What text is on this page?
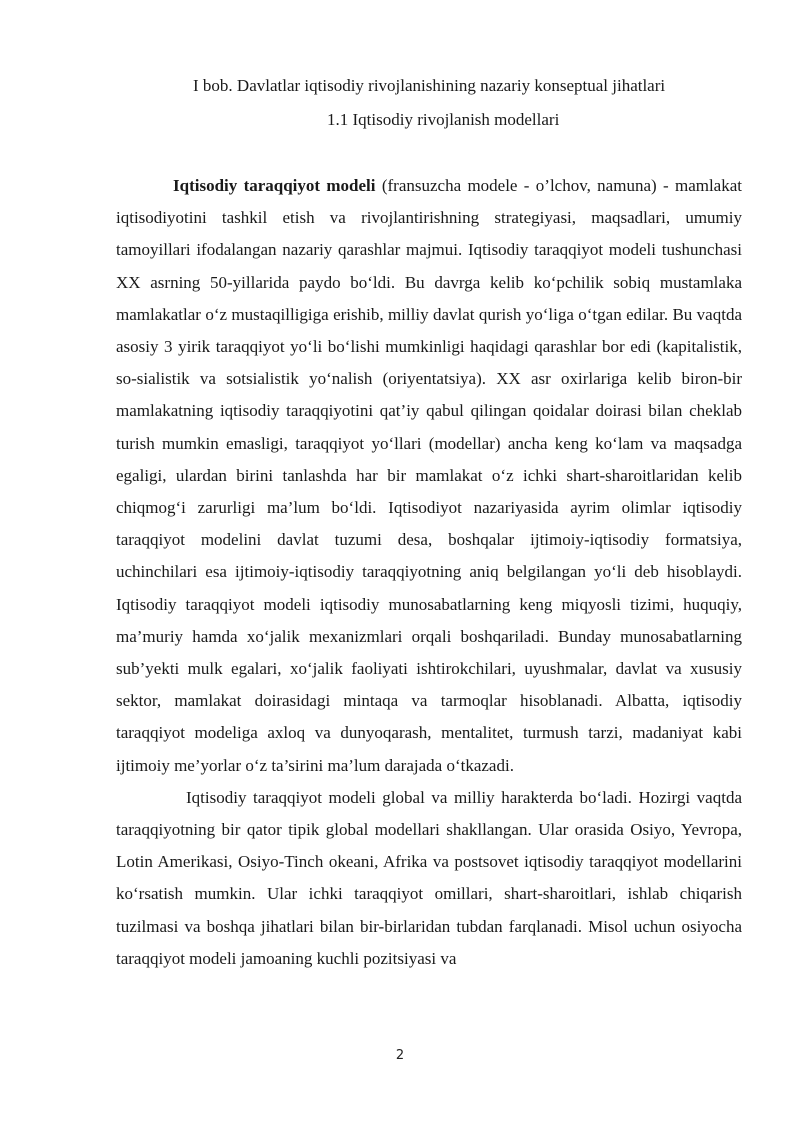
I bob. Davlatlar iqtisodiy rivojlanishining nazariy konseptual jihatlari
1.1 Iqtisodiy rivojlanish modellari

Iqtisodiy taraqqiyot modeli (fransuzcha modele - o’lchov, namuna) - mamlakat iqtisodiyotini tashkil etish va rivojlantirishning strategiyasi, maqsadlari, umumiy tamoyillari ifodalangan nazariy qarashlar majmui. Iqtisodiy taraqqiyot modeli tushunchasi XX asrning 50-yillarida paydo bo‘ldi. Bu davrga kelib ko‘pchilik sobiq mustamlaka mamlakatlar o‘z mustaqilligiga erishib, milliy davlat qurish yo‘liga o‘tgan edilar. Bu vaqtda asosiy 3 yirik taraqqiyot yo‘li bo‘lishi mumkinligi haqidagi qarashlar bor edi (kapitalistik, so-sialistik va sotsialistik yo‘nalish (oriyentatsiya). XX asr oxirlariga kelib biron-bir mamlakatning iqtisodiy taraqqiyotini qat’iy qabul qilingan qoidalar doirasi bilan cheklab turish mumkin emasligi, taraqqiyot yo‘llari (modellar) ancha keng ko‘lam va maqsadga egaligi, ulardan birini tanlashda har bir mamlakat o‘z ichki shart-sharoitlaridan kelib chiqmog‘i zarurligi ma’lum bo‘ldi. Iqtisodiyot nazariyasida ayrim olimlar iqtisodiy taraqqiyot modelini davlat tuzumi desa, boshqalar ijtimoiy-iqtisodiy formatsiya, uchinchilari esa ijtimoiy-iqtisodiy taraqqiyotning aniq belgilangan yo‘li deb hisoblaydi. Iqtisodiy taraqqiyot modeli iqtisodiy munosabatlarning keng miqyosli tizimi, huquqiy, ma’muriy hamda xo‘jalik mexanizmlari orqali boshqariladi. Bunday munosabatlarning sub’yekti mulk egalari, xo‘jalik faoliyati ishtirokchilari, uyushmalar, davlat va xususiy sektor, mamlakat doirasidagi mintaqa va tarmoqlar hisoblanadi. Albatta, iqtisodiy taraqqiyot modeliga axloq va dunyoqarash, mentalitet, turmush tarzi, madaniyat kabi ijtimoiy me’yorlar o‘z ta’sirini ma’lum darajada o‘tkazadi.

Iqtisodiy taraqqiyot modeli global va milliy harakterda bo‘ladi. Hozirgi vaqtda taraqqiyotning bir qator tipik global modellari shakllangan. Ular orasida Osiyo, Yevropa, Lotin Amerikasi, Osiyo-Tinch okeani, Afrika va postsovet iqtisodiy taraqqiyot modellarini ko‘rsatish mumkin. Ular ichki taraqqiyot omillari, shart-sharoitlari, ishlab chiqarish tuzilmasi va boshqa jihatlari bilan bir-birlaridan tubdan farqlanadi. Misol uchun osiyocha taraqqiyot modeli jamoaning kuchli pozitsiyasi va

2
